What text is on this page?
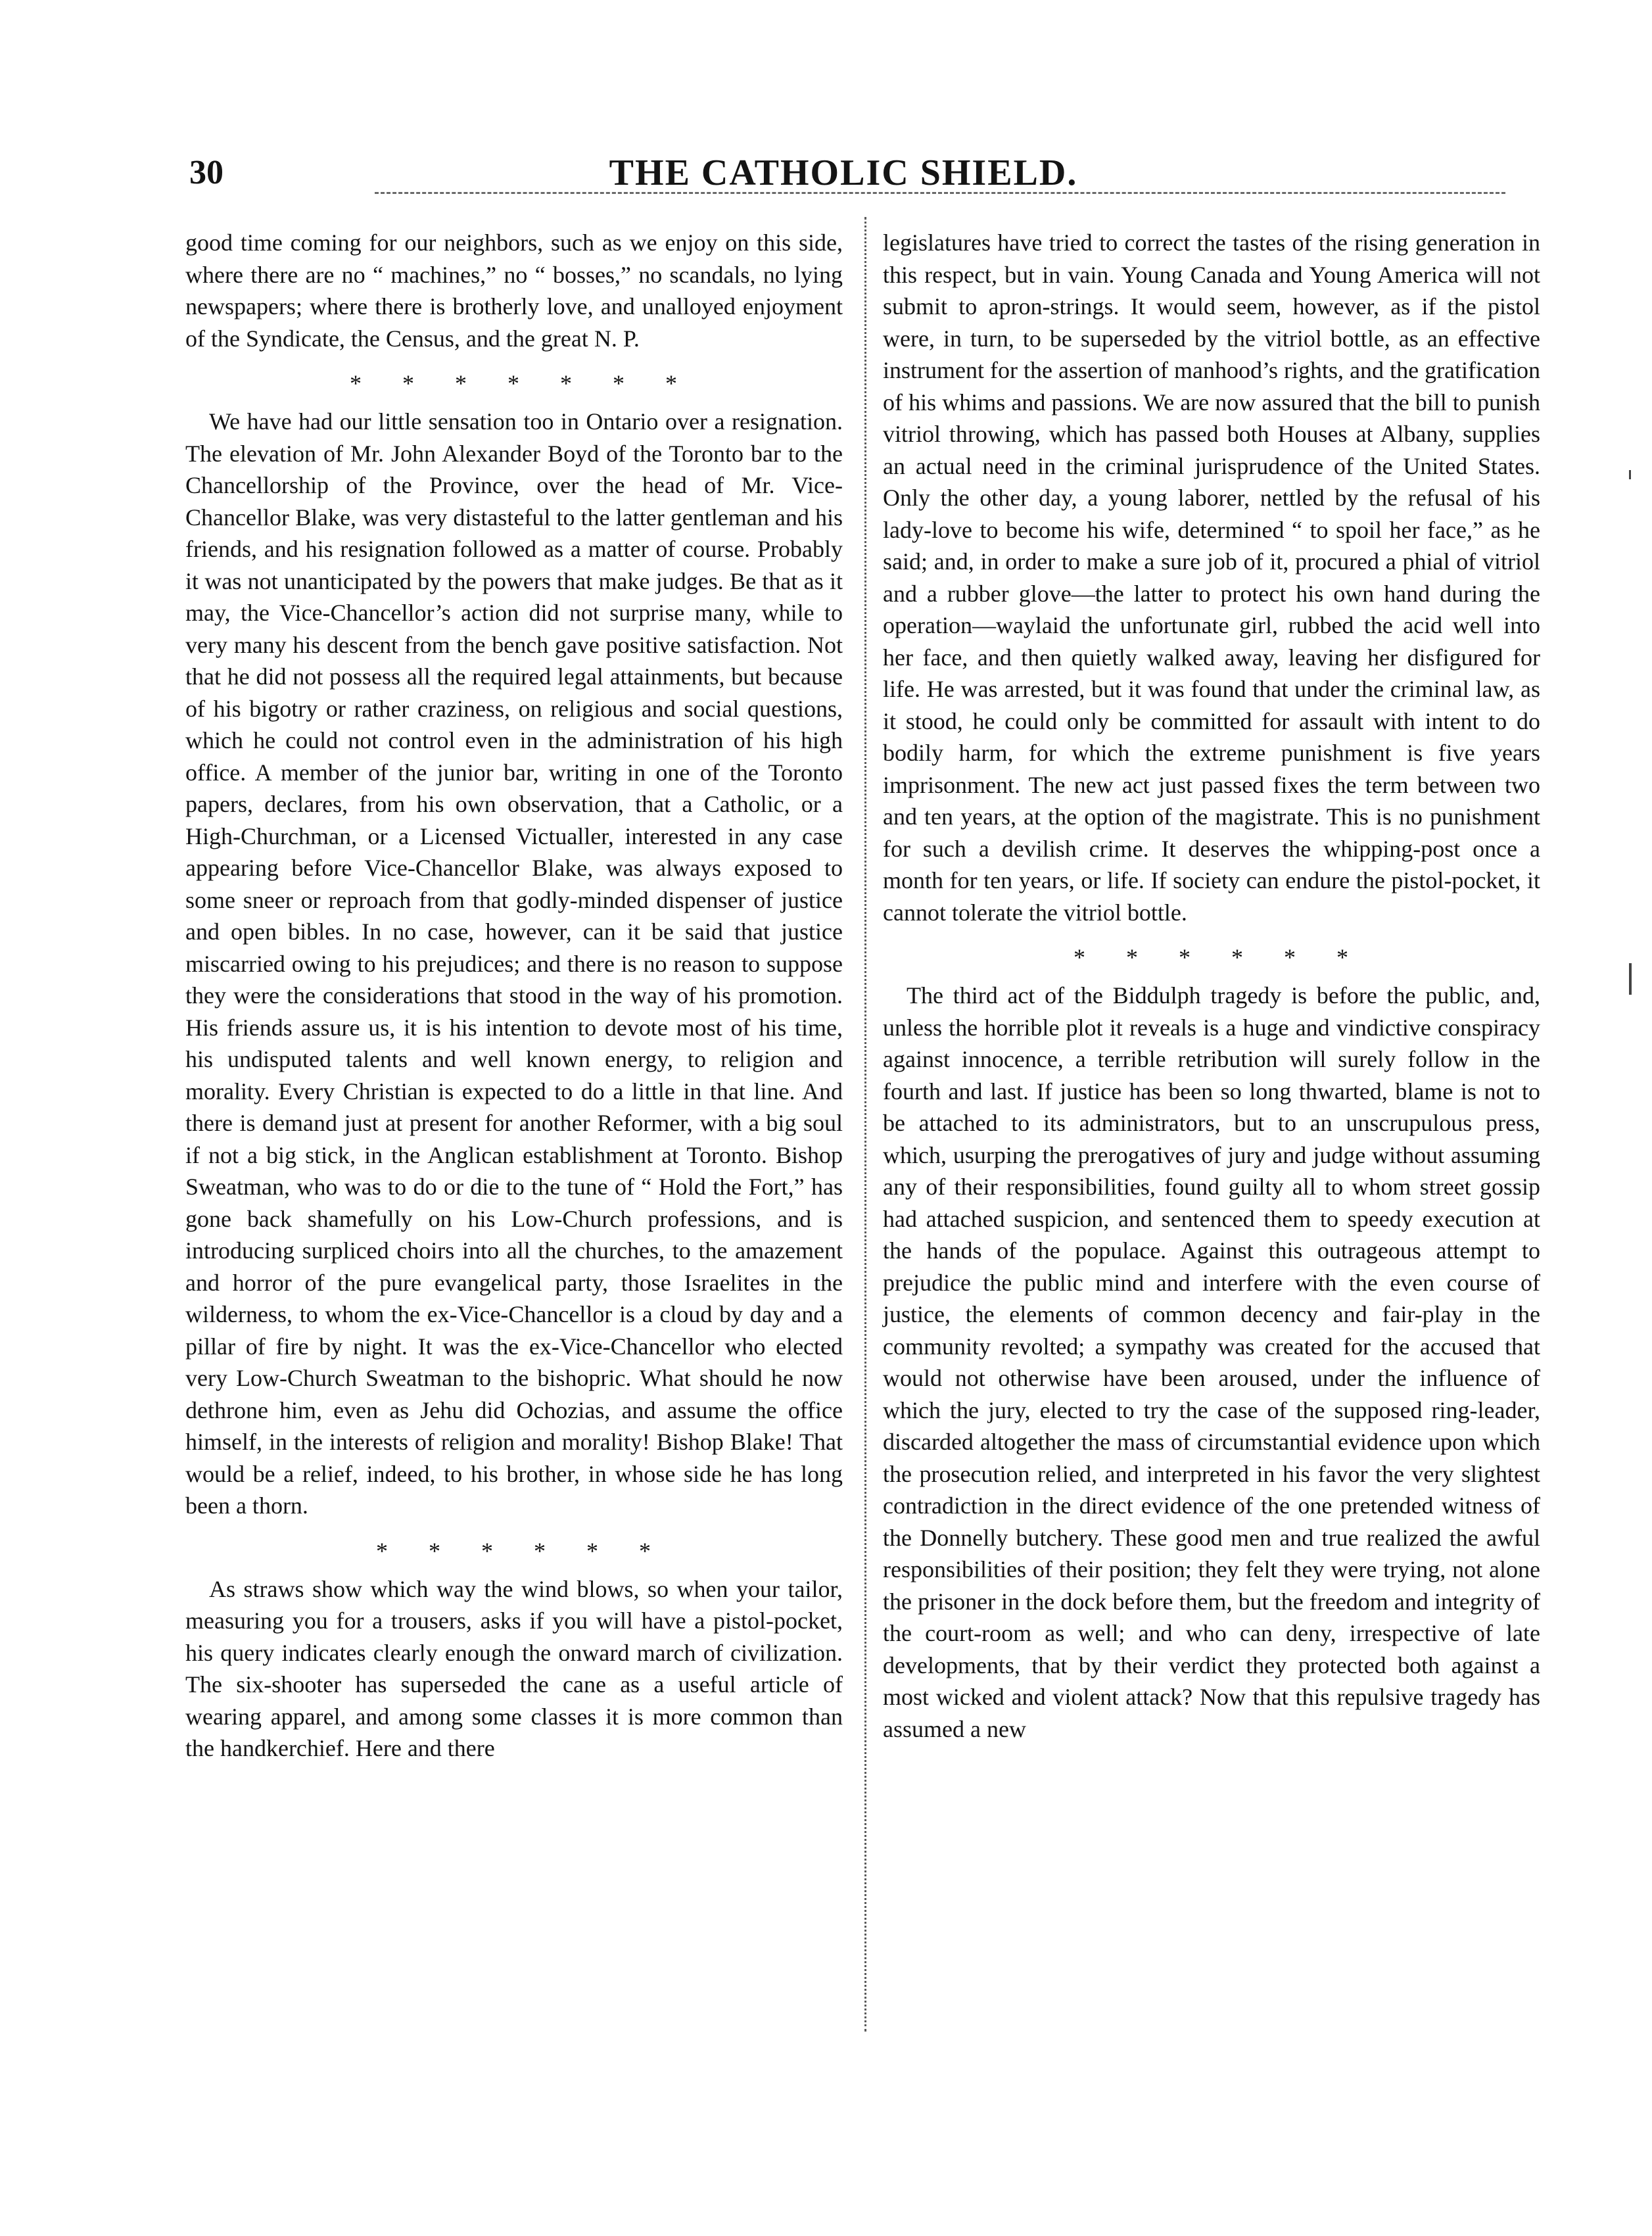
30	THE CATHOLIC SHIELD.

good time coming for our neighbors, such as we enjoy on this side, where there are no “ machines,” no “ bosses,” no scandals, no lying newspapers; where there is brotherly love, and unalloyed enjoyment of the Syndicate, the Census, and the great N. P.

*******

We have had our little sensation too in Ontario over a resignation. The elevation of Mr. John Alexander Boyd of the Toronto bar to the Chancellorship of the Province, over the head of Mr. Vice-Chancellor Blake, was very distasteful to the latter gentleman and his friends, and his resignation followed as a matter of course. Probably it was not unanticipated by the powers that make judges. Be that as it may, the Vice-Chancellor’s action did not surprise many, while to very many his descent from the bench gave positive satisfaction. Not that he did not possess all the required legal attainments, but because of his bigotry or rather craziness, on religious and social questions, which he could not control even in the administration of his high office. A member of the junior bar, writing in one of the Toronto papers, declares, from his own observation, that a Catholic, or a High-Churchman, or a Licensed Victualler, interested in any case appearing before Vice-Chancellor Blake, was always exposed to some sneer or reproach from that godly-minded dispenser of justice and open bibles. In no case, however, can it be said that justice miscarried owing to his prejudices; and there is no reason to suppose they were the considerations that stood in the way of his promotion. His friends assure us, it is his intention to devote most of his time, his undisputed talents and well known energy, to religion and morality. Every Christian is expected to do a little in that line. And there is demand just at present for another Reformer, with a big soul if not a big stick, in the Anglican establishment at Toronto. Bishop Sweatman, who was to do or die to the tune of “ Hold the Fort,” has gone back shamefully on his Low-Church professions, and is introducing surpliced choirs into all the churches, to the amazement and horror of the pure evangelical party, those Israelites in the wilderness, to whom the ex-Vice-Chancellor is a cloud by day and a pillar of fire by night. It was the ex-Vice-Chancellor who elected very Low-Church Sweatman to the bishopric. What should he now dethrone him, even as Jehu did Ochozias, and assume the office himself, in the interests of religion and morality! Bishop Blake! That would be a relief, indeed, to his brother, in whose side he has long been a thorn.

******

As straws show which way the wind blows, so when your tailor, measuring you for a trousers, asks if you will have a pistol-pocket, his query indicates clearly enough the onward march of civilization. The six-shooter has superseded the cane as a useful article of wearing apparel, and among some classes it is more common than the handkerchief. Here and there

legislatures have tried to correct the tastes of the rising generation in this respect, but in vain. Young Canada and Young America will not submit to apron-strings. It would seem, however, as if the pistol were, in turn, to be superseded by the vitriol bottle, as an effective instrument for the assertion of manhood’s rights, and the gratification of his whims and passions. We are now assured that the bill to punish vitriol throwing, which has passed both Houses at Albany, supplies an actual need in the criminal jurisprudence of the United States. Only the other day, a young laborer, nettled by the refusal of his lady-love to become his wife, determined “ to spoil her face,” as he said; and, in order to make a sure job of it, procured a phial of vitriol and a rubber glove—the latter to protect his own hand during the operation—waylaid the unfortunate girl, rubbed the acid well into her face, and then quietly walked away, leaving her disfigured for life. He was arrested, but it was found that under the criminal law, as it stood, he could only be committed for assault with intent to do bodily harm, for which the extreme punishment is five years imprisonment. The new act just passed fixes the term between two and ten years, at the option of the magistrate. This is no punishment for such a devilish crime. It deserves the whipping-post once a month for ten years, or life. If society can endure the pistol-pocket, it cannot tolerate the vitriol bottle.

******

The third act of the Biddulph tragedy is before the public, and, unless the horrible plot it reveals is a huge and vindictive conspiracy against innocence, a terrible retribution will surely follow in the fourth and last. If justice has been so long thwarted, blame is not to be attached to its administrators, but to an unscrupulous press, which, usurping the prerogatives of jury and judge without assuming any of their responsibilities, found guilty all to whom street gossip had attached suspicion, and sentenced them to speedy execution at the hands of the populace. Against this outrageous attempt to prejudice the public mind and interfere with the even course of justice, the elements of common decency and fair-play in the community revolted; a sympathy was created for the accused that would not otherwise have been aroused, under the influence of which the jury, elected to try the case of the supposed ring-leader, discarded altogether the mass of circumstantial evidence upon which the prosecution relied, and interpreted in his favor the very slightest contradiction in the direct evidence of the one pretended witness of the Donnelly butchery. These good men and true realized the awful responsibilities of their position; they felt they were trying, not alone the prisoner in the dock before them, but the freedom and integrity of the court-room as well; and who can deny, irrespective of late developments, that by their verdict they protected both against a most wicked and violent attack? Now that this repulsive tragedy has assumed a new
